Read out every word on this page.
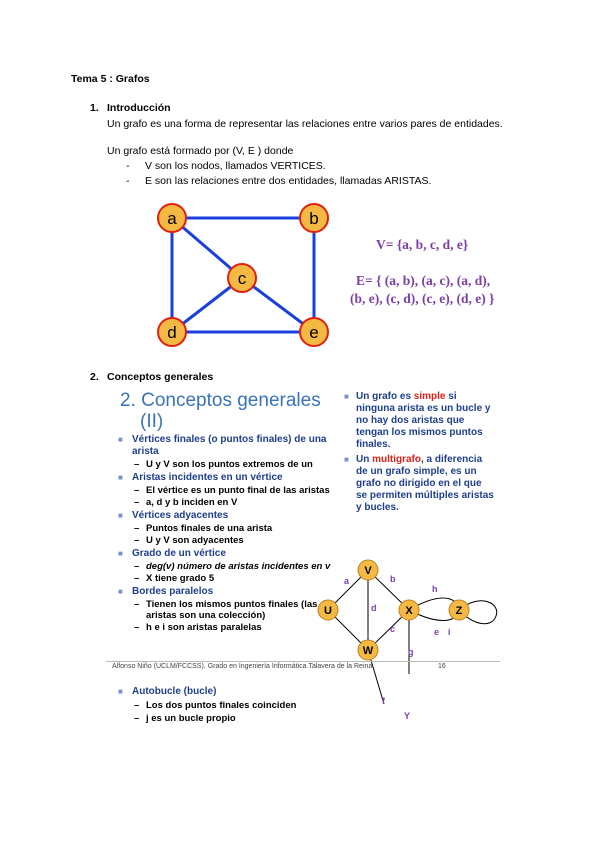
Tema 5 : Grafos
1. Introducción
Un grafo es una forma de representar las relaciones entre varios pares de entidades.
Un grafo está formado por (V, E ) donde
- V son los nodos, llamados VERTICES.
- E son las relaciones entre dos entidades, llamadas ARISTAS.
a	b
c
d	e
V= {a, b, c, d, e}
E= { (a, b), (a, c), (a, d),
(b, e), (c, d), (c, e), (d, e) }
2. Conceptos generales
2. Conceptos generales
(II)
■ Vértices finales (o puntos finales) de una arista
– U y V son los puntos extremos de un
■ Aristas incidentes en un vértice
– El vértice es un punto final de las aristas
– a, d y b inciden en V
■ Vértices adyacentes
– Puntos finales de una arista
– U y V son adyacentes
■ Grado de un vértice
– deg(v) número de aristas incidentes en v
– X tiene grado 5
■ Bordes paralelos
– Tienen los mismos puntos finales (las aristas son una colección)
– h e i son aristas paralelas
■ Un grafo es simple si ninguna arista es un bucle y no hay dos aristas que tengan los mismos puntos finales.
■ Un multigrafo, a diferencia de un grafo simple, es un grafo no dirigido en el que se permiten múltiples aristas y bucles.
V
U	X	Z
W
a	b
h
d
e i
c
Alfonso Niño (UCLM/FCCSS). Grado en Ingeniería Informática.Talavera de la Reina	16
■ Autobucle (bucle)
– Los dos puntos finales coinciden
– j es un bucle propio
g
f
Y
